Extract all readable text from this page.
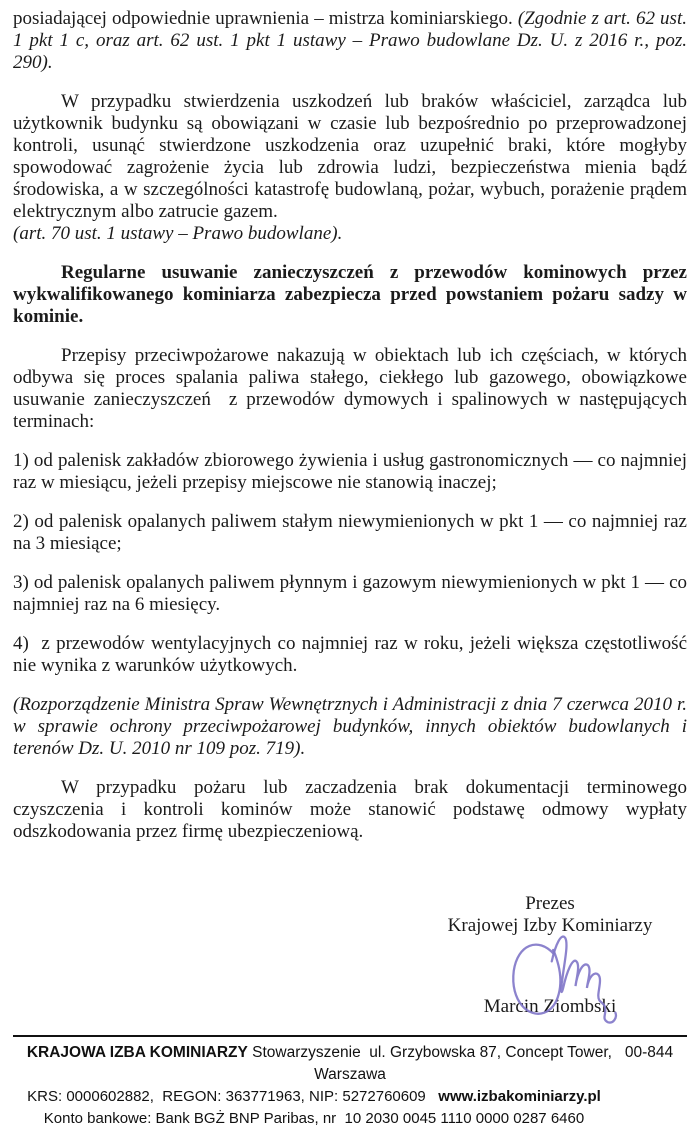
posiadającej odpowiednie uprawnienia – mistrza kominiarskiego. (Zgodnie z art. 62 ust. 1 pkt 1 c, oraz art. 62 ust. 1 pkt 1 ustawy – Prawo budowlane Dz. U. z 2016 r., poz. 290).

W przypadku stwierdzenia uszkodzeń lub braków właściciel, zarządca lub użytkownik budynku są obowiązani w czasie lub bezpośrednio po przeprowadzonej kontroli, usunąć stwierdzone uszkodzenia oraz uzupełnić braki, które mogłyby spowodować zagrożenie życia lub zdrowia ludzi, bezpieczeństwa mienia bądź środowiska, a w szczególności katastrofę budowlaną, pożar, wybuch, porażenie prądem elektrycznym albo zatrucie gazem.

(art. 70 ust. 1 ustawy – Prawo budowlane).

Regularne usuwanie zanieczyszczeń z przewodów kominowych przez wykwalifikowanego kominiarza zabezpiecza przed powstaniem pożaru sadzy w kominie.

Przepisy przeciwpożarowe nakazują w obiektach lub ich częściach, w których odbywa się proces spalania paliwa stałego, ciekłego lub gazowego, obowiązkowe usuwanie zanieczyszczeń  z przewodów dymowych i spalinowych w następujących terminach:

1) od palenisk zakładów zbiorowego żywienia i usług gastronomicznych — co najmniej raz w miesiącu, jeżeli przepisy miejscowe nie stanowią inaczej;

2) od palenisk opalanych paliwem stałym niewymienionych w pkt 1 — co najmniej raz na 3 miesiące;

3) od palenisk opalanych paliwem płynnym i gazowym niewymienionych w pkt 1 — co najmniej raz na 6 miesięcy.

4)  z przewodów wentylacyjnych co najmniej raz w roku, jeżeli większa częstotliwość nie wynika z warunków użytkowych.

(Rozporządzenie Ministra Spraw Wewnętrznych i Administracji z dnia 7 czerwca 2010 r. w sprawie ochrony przeciwpożarowej budynków, innych obiektów budowlanych i terenów Dz. U. 2010 nr 109 poz. 719).

W przypadku pożaru lub zaczadzenia brak dokumentacji terminowego czyszczenia i kontroli kominów może stanowić podstawę odmowy wypłaty odszkodowania przez firmę ubezpieczeniową.

Prezes
Krajowej Izby Kominiarzy
Marcin Ziombski
KRAJOWA IZBA KOMINIARZY Stowarzyszenie  ul. Grzybowska 87, Concept Tower,   00-844 Warszawa
KRS: 0000602882,  REGON: 363771963, NIP: 5272760609   www.izbakominiarzy.pl
Konto bankowe: Bank BGŻ BNP Paribas, nr  10 2030 0045 1110 0000 0287 6460
